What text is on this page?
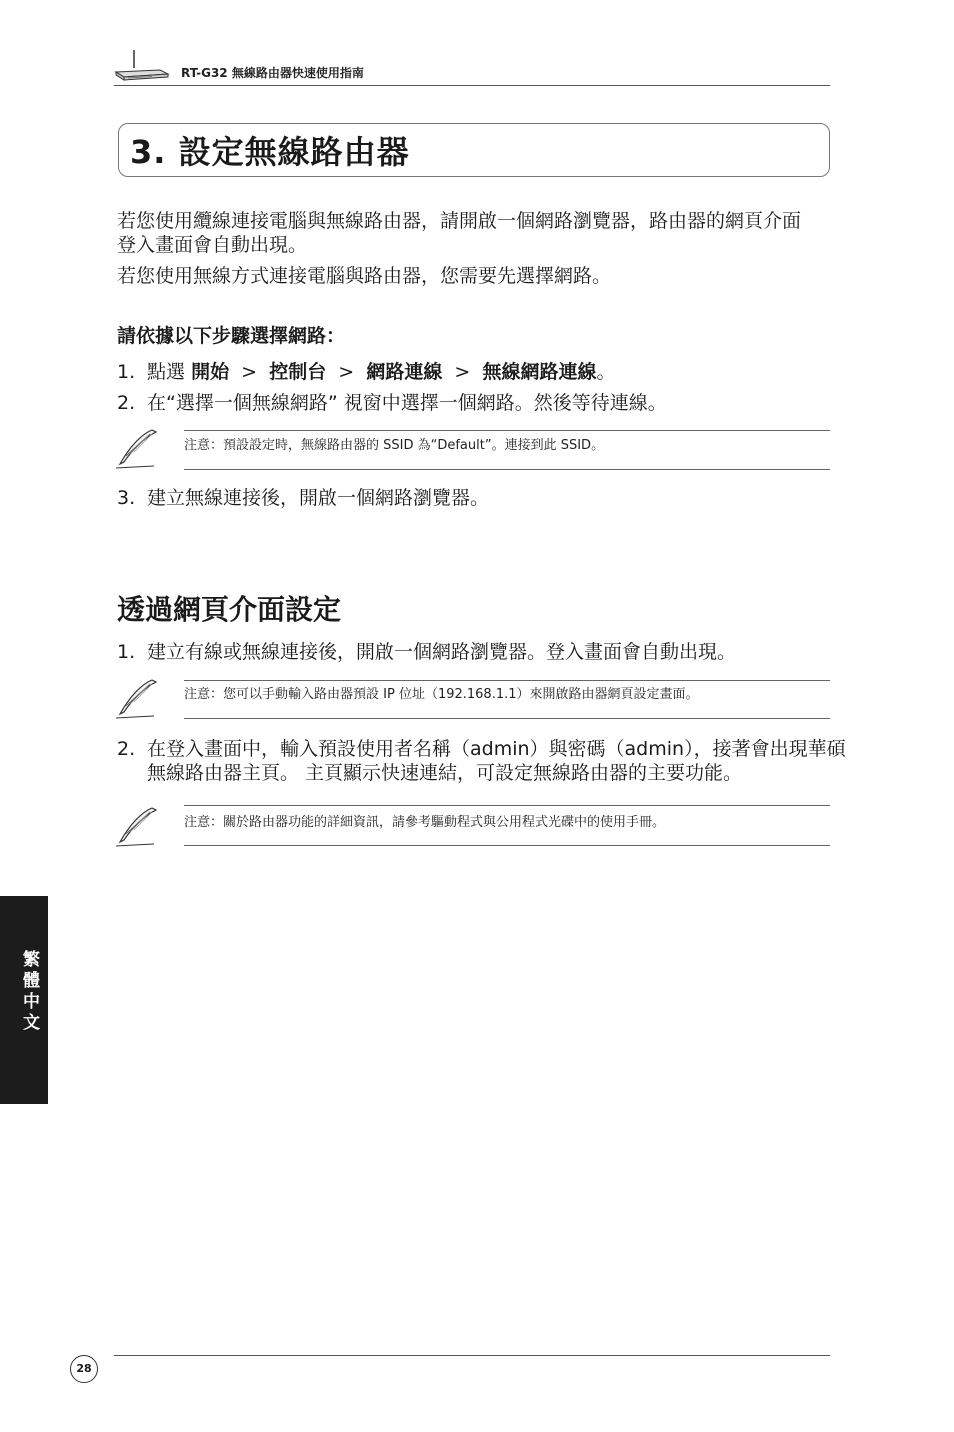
RT-G32 無線路由器快速使用指南
3. 設定無線路由器
若您使用纜線連接電腦與無線路由器，請開啟一個網路瀏覽器，路由器的網頁介面
登入畫面會自動出現。
若您使用無線方式連接電腦與路由器，您需要先選擇網路。
請依據以下步驟選擇網路：
1. 點選 開始 > 控制台 > 網路連線 > 無線網路連線。
2. 在“選擇一個無線網路” 視窗中選擇一個網路。然後等待連線。
注意：預設設定時，無線路由器的 SSID 為“Default”。連接到此 SSID。
3. 建立無線連接後，開啟一個網路瀏覽器。
透過網頁介面設定
1. 建立有線或無線連接後，開啟一個網路瀏覽器。登入畫面會自動出現。
注意：您可以手動輸入路由器預設 IP 位址（192.168.1.1）來開啟路由器網頁設定畫面。
2. 在登入畫面中，輸入預設使用者名稱（admin）與密碼（admin），接著會出現華碩
無線路由器主頁。 主頁顯示快速連結，可設定無線路由器的主要功能。
注意：關於路由器功能的詳細資訊，請參考驅動程式與公用程式光碟中的使用手冊。
繁體中文
28
